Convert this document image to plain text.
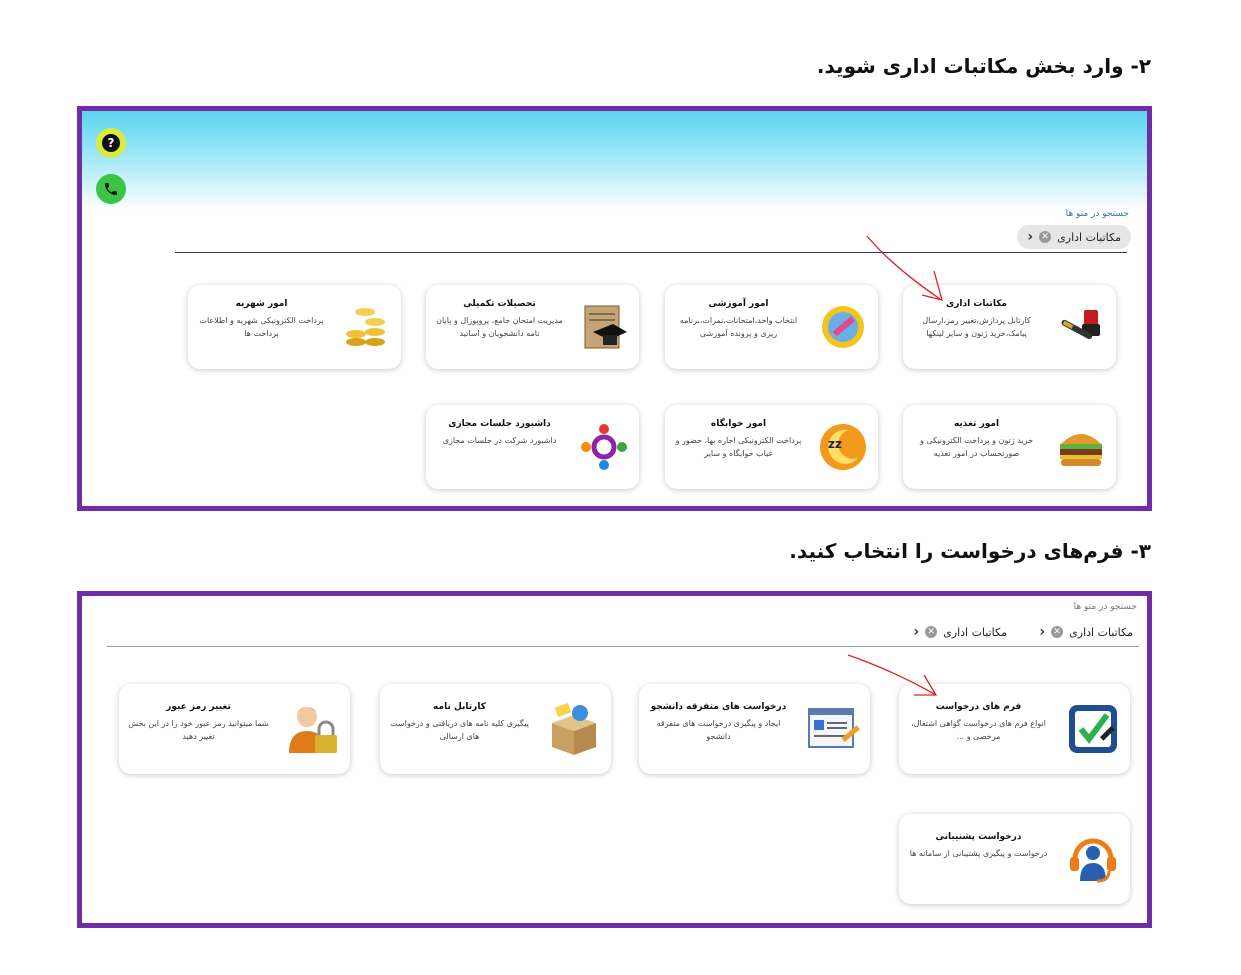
۲- وارد بخش مکاتبات اداری شوید.
?
جستجو در منو ها
مکاتبات اداری
✕
‹
مکاتبات اداری
کارتابل پردازش،تغییر رمز،ارسال پیامک،خرید ژتون و سایر لینکها
امور آموزشی
انتخاب واحد،امتحانات،نمرات،برنامه ریزی و پرونده آموزشی
تحصیلات تکمیلی
مدیریت امتحان جامع، پروپوزال و پایان نامه دانشجویان و اساتید
امور شهریه
پرداخت الکترونیکی شهریه و اطلاعات پرداخت ها
امور تغذیه
خرید ژتون و پرداخت الکترونیکی و صورتحساب در امور تغذیه
zz
امور خوابگاه
پرداخت الکترونیکی اجاره بها، حضور و غیاب خوابگاه و سایر
داشبورد جلسات مجازی
داشبورد شرکت در جلسات مجازی
۳- فرم‌های درخواست را انتخاب کنید.
جستجو در منو ها
مکاتبات اداری
✕
‹
مکاتبات اداری
✕
‹
فرم های درخواست
انواع فرم های درخواست گواهی اشتغال، مرخصی و ...
درخواست های متفرقه دانشجو
ایجاد و پیگیری درخواست های متفرقه دانشجو
کارتابل نامه
پیگیری کلیه نامه های دریافتی و درخواست های ارسالی
تغییر رمز عبور
شما میتوانید رمز عبور خود را در این بخش تغییر دهید
درخواست پشتیبانی
درخواست و پیگیری پشتیبانی از سامانه ها
